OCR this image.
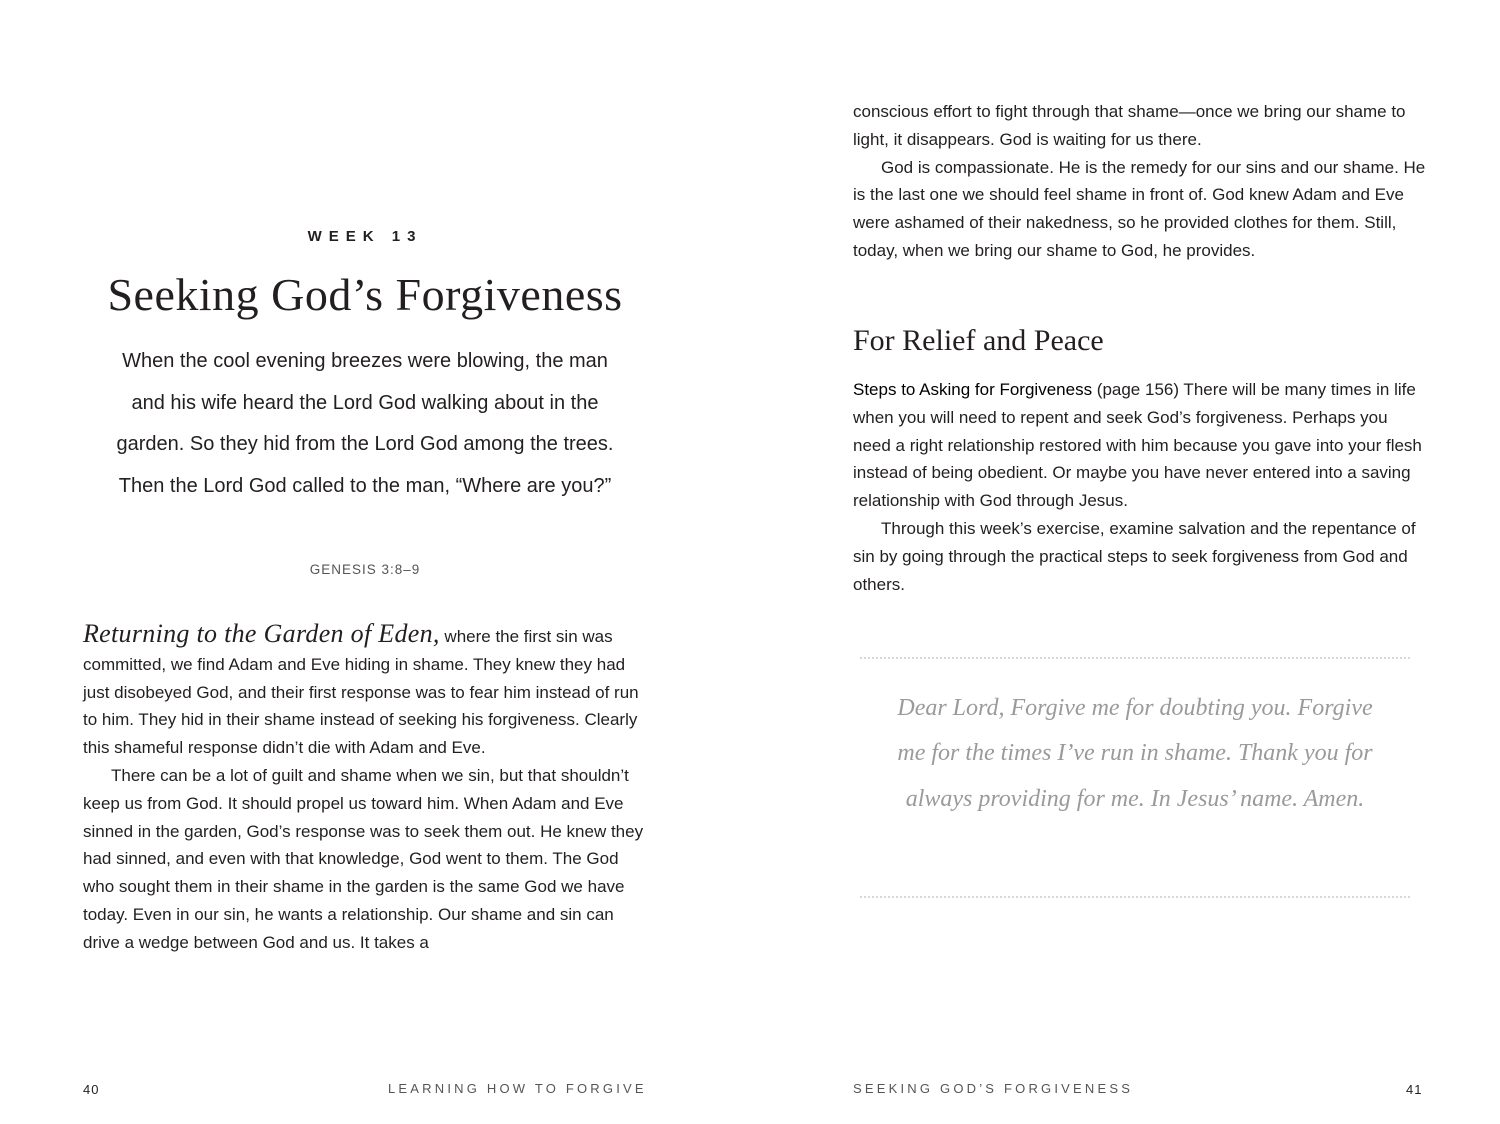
WEEK 13
Seeking God’s Forgiveness
When the cool evening breezes were blowing, the man and his wife heard the Lord God walking about in the garden. So they hid from the Lord God among the trees. Then the Lord God called to the man, “Where are you?”
GENESIS 3:8–9

Returning to the Garden of Eden, where the first sin was committed, we find Adam and Eve hiding in shame. They knew they had just disobeyed God, and their first response was to fear him instead of run to him. They hid in their shame instead of seeking his forgiveness. Clearly this shameful response didn’t die with Adam and Eve.

There can be a lot of guilt and shame when we sin, but that shouldn’t keep us from God. It should propel us toward him. When Adam and Eve sinned in the garden, God’s response was to seek them out. He knew they had sinned, and even with that knowledge, God went to them. The God who sought them in their shame in the garden is the same God we have today. Even in our sin, he wants a relationship. Our shame and sin can drive a wedge between God and us. It takes a

40	LEARNING HOW TO FORGIVE

conscious effort to fight through that shame—once we bring our shame to light, it disappears. God is waiting for us there.

God is compassionate. He is the remedy for our sins and our shame. He is the last one we should feel shame in front of. God knew Adam and Eve were ashamed of their nakedness, so he provided clothes for them. Still, today, when we bring our shame to God, he provides.

For Relief and Peace

Steps to Asking for Forgiveness (page 156) There will be many times in life when you will need to repent and seek God’s forgiveness. Perhaps you need a right relationship restored with him because you gave into your flesh instead of being obedient. Or maybe you have never entered into a saving relationship with God through Jesus.

Through this week’s exercise, examine salvation and the repentance of sin by going through the practical steps to seek forgiveness from God and others.

Dear Lord, Forgive me for doubting you. Forgive me for the times I’ve run in shame. Thank you for always providing for me. In Jesus’ name. Amen.
SEEKING GOD’S FORGIVENESS	41
